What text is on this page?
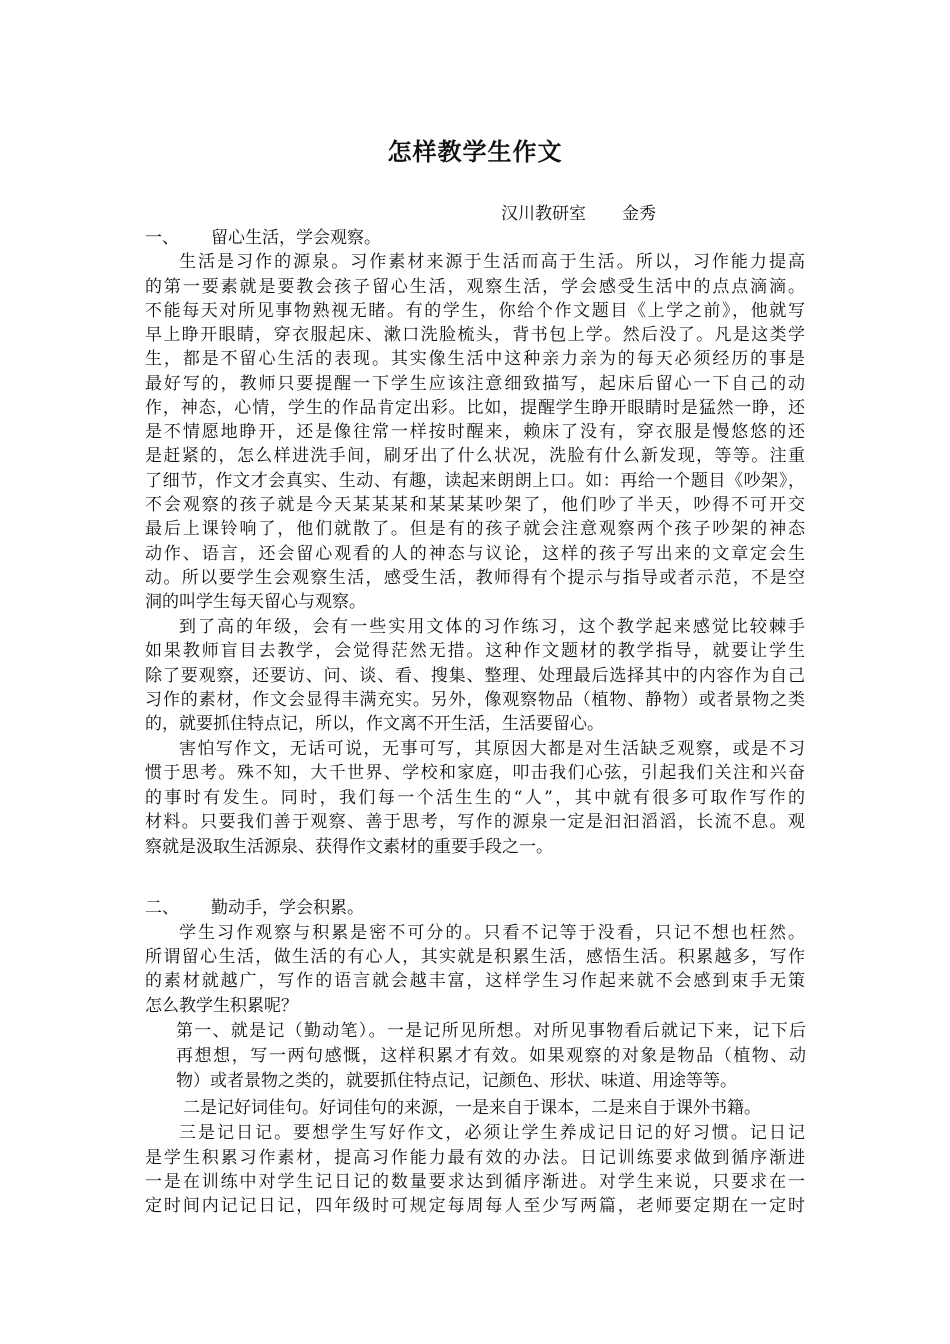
怎样教学生作文
汉川教研室 金秀
一、 留心生活，学会观察。
生活是习作的源泉。习作素材来源于生活而高于生活。所以，习作能力提高
的第一要素就是要教会孩子留心生活，观察生活，学会感受生活中的点点滴滴。
不能每天对所见事物熟视无睹。有的学生，你给个作文题目《上学之前》，他就写
早上睁开眼睛，穿衣服起床、漱口洗脸梳头，背书包上学。然后没了。凡是这类学
生，都是不留心生活的表现。其实像生活中这种亲力亲为的每天必须经历的事是
最好写的，教师只要提醒一下学生应该注意细致描写，起床后留心一下自己的动
作，神态，心情，学生的作品肯定出彩。比如，提醒学生睁开眼睛时是猛然一睁，还
是不情愿地睁开，还是像往常一样按时醒来，赖床了没有，穿衣服是慢悠悠的还
是赶紧的，怎么样进洗手间，刷牙出了什么状况，洗脸有什么新发现，等等。注重
了细节，作文才会真实、生动、有趣，读起来朗朗上口。如：再给一个题目《吵架》，
不会观察的孩子就是今天某某某和某某某吵架了，他们吵了半天，吵得不可开交
最后上课铃响了，他们就散了。但是有的孩子就会注意观察两个孩子吵架的神态
动作、语言，还会留心观看的人的神态与议论，这样的孩子写出来的文章定会生
动。所以要学生会观察生活，感受生活，教师得有个提示与指导或者示范，不是空
洞的叫学生每天留心与观察。
到了高的年级，会有一些实用文体的习作练习，这个教学起来感觉比较棘手
如果教师盲目去教学，会觉得茫然无措。这种作文题材的教学指导，就要让学生
除了要观察，还要访、问、谈、看、搜集、整理、处理最后选择其中的内容作为自己
习作的素材，作文会显得丰满充实。另外，像观察物品（植物、静物）或者景物之类
的，就要抓住特点记，所以，作文离不开生活，生活要留心。
害怕写作文，无话可说，无事可写，其原因大都是对生活缺乏观察，或是不习
惯于思考。殊不知，大千世界、学校和家庭，叩击我们心弦，引起我们关注和兴奋
的事时有发生。同时，我们每一个活生生的“人”，其中就有很多可取作写作的
材料。只要我们善于观察、善于思考，写作的源泉一定是汩汩滔滔，长流不息。观
察就是汲取生活源泉、获得作文素材的重要手段之一。
二、 勤动手，学会积累。
学生习作观察与积累是密不可分的。只看不记等于没看，只记不想也枉然。
所谓留心生活，做生活的有心人，其实就是积累生活，感悟生活。积累越多，写作
的素材就越广，写作的语言就会越丰富，这样学生习作起来就不会感到束手无策
怎么教学生积累呢？
第一、就是记（勤动笔）。一是记所见所想。对所见事物看后就记下来，记下后
再想想，写一两句感慨，这样积累才有效。如果观察的对象是物品（植物、动
物）或者景物之类的，就要抓住特点记，记颜色、形状、味道、用途等等。
二是记好词佳句。好词佳句的来源，一是来自于课本，二是来自于课外书籍。
三是记日记。要想学生写好作文，必须让学生养成记日记的好习惯。记日记
是学生积累习作素材，提高习作能力最有效的办法。日记训练要求做到循序渐进
一是在训练中对学生记日记的数量要求达到循序渐进。对学生来说，只要求在一
定时间内记记日记，四年级时可规定每周每人至少写两篇，老师要定期在一定时
